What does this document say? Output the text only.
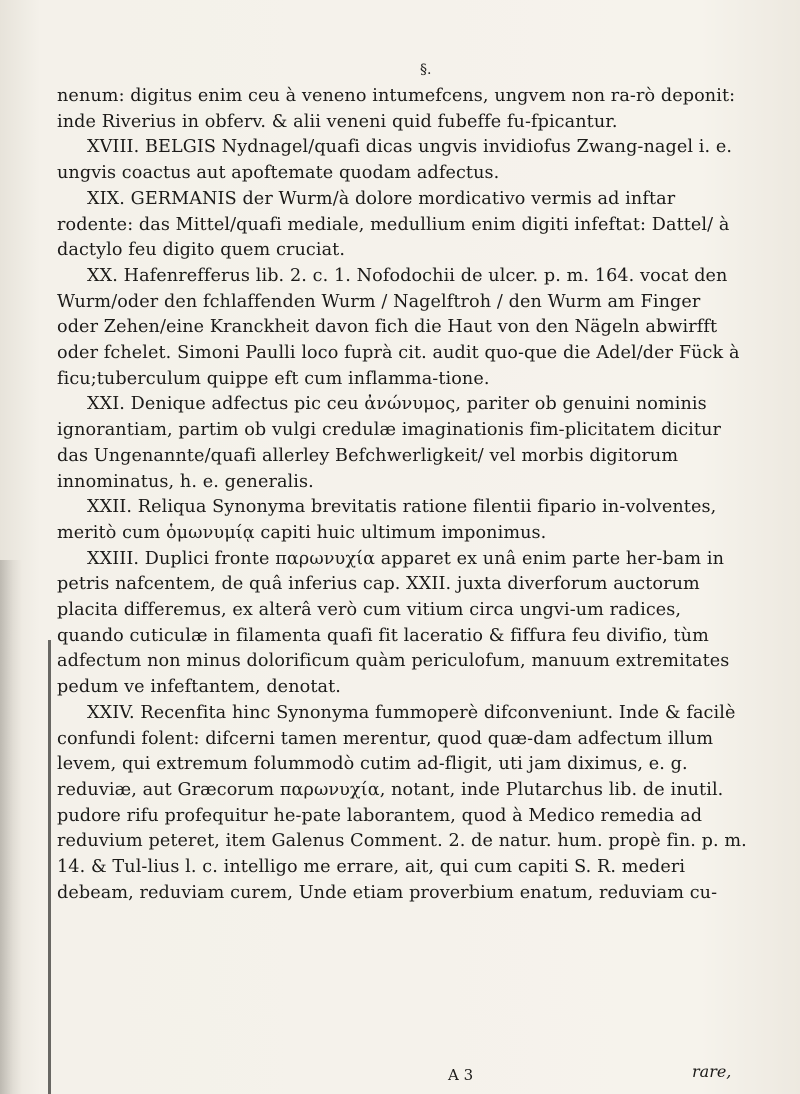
§.

nenum: digitus enim ceu à veneno intumefcens, ungvem non ra-rò deponit: inde Riverius in obferv. & alii veneni quid fubeffe fu-fpicantur.

XVIII. BELGIS Nydnagel/quafi dicas ungvis invidiofus Zwang-nagel i. e. ungvis coactus aut apoftemate quodam adfectus.

XIX. GERMANIS der Wurm/à dolore mordicativo vermis ad inftar rodente: das Mittel/quafi mediale, medullium enim digiti infeftat: Dattel/ à dactylo feu digito quem cruciat.

XX. Hafenrefferus lib. 2. c. 1. Nofodochii de ulcer. p. m. 164. vocat den Wurm/oder den fchlaffenden Wurm / Nagelftroh / den Wurm am Finger oder Zehen/eine Kranckheit davon fich die Haut von den Nägeln abwirfft oder fchelet. Simoni Paulli loco fuprà cit. audit quo-que die Adel/der Fück à ficu;tuberculum quippe eft cum inflamma-tione.

XXI. Denique adfectus pic ceu ἀνώνυμος, pariter ob genuini nominis ignorantiam, partim ob vulgi credulæ imaginationis fim-plicitatem dicitur das Ungenannte/quafi allerley Befchwerligkeit/ vel morbis digitorum innominatus, h. e. generalis.

XXII. Reliqua Synonyma brevitatis ratione filentii fipario in-volventes, meritò cum ὁμωνυμίᾳ capiti huic ultimum imponimus.

XXIII. Duplici fronte παρωνυχία apparet ex unâ enim parte her-bam in petris nafcentem, de quâ inferius cap. XXII. juxta diverforum auctorum placita differemus, ex alterâ verò cum vitium circa ungvi-um radices, quando cuticulæ in filamenta quafi fit laceratio & fiffura feu divifio, tùm adfectum non minus dolorificum quàm periculofum, manuum extremitates pedum ve infeftantem, denotat.

XXIV. Recenfita hinc Synonyma fummoperè difconveniunt. Inde & facilè confundi folent: difcerni tamen merentur, quod quæ-dam adfectum illum levem, qui extremum folummodò cutim ad-fligit, uti jam diximus, e. g. reduviæ, aut Græcorum παρωνυχία, notant, inde Plutarchus lib. de inutil. pudore rifu profequitur he-pate laborantem, quod à Medico remedia ad reduvium peteret, item Galenus Comment. 2. de natur. hum. propè fin. p. m. 14. & Tul-lius l. c. intelligo me errare, ait, qui cum capiti S. R. mederi debeam, reduviam curem, Unde etiam proverbium enatum, reduviam cu-

A 3	rare,
